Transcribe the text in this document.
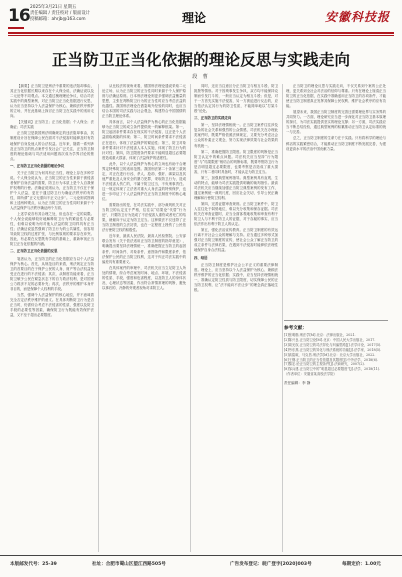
16 2025年3月21日 星期五
责任编辑 / 责任校对 / 版面设计
投稿邮箱：ahrjb@163.com	理论	安徽科技报
正当防卫正当化依据的理论反思与实践走向
段 曹

【摘要】正当防卫是刑法中重要的违法阻却事由，其正当化依据长期以来存在个人保全说、法确证说以及二元论等不同观点。本文通过梳理理论争议，结合司法实践中的典型案例，对正当防卫正当化依据进行反思，认为应当坚持以个人法益保护为核心、兼顾法秩序维护的立场，并在此基础上探讨正当防卫在实践中的适用走向。

【关键词】正当防卫；正当化依据；个人保全；法确证；司法实践

正当防卫是我国刑法明确规定的违法阻却事由，其制度设计旨在保障公民在面对不法侵害时能够及时有效地保护自身及他人的合法权益。近年来，随着一系列涉及正当防卫的热点案件引发社会广泛关注，正当防卫制度的理论基础与司法适用问题再次成为学界讨论的焦点。

一、正当防卫正当化依据的理论争议

关于正当防卫为何具有正当性，理论上存在多种学说。个人保全说认为，正当防卫的正当性来源于被侵害者保护自身法益的需要，防卫行为本质上是个人自我保护权利的行使。法确证说则认为，正当防卫不仅在于保护个人法益，更在于通过防卫行为确证法秩序的有效性，即所谓“正义无需向不正义让步”。二元论则试图调和上述两种观点，认为正当防卫的正当性同时来源于个人法益保护与法秩序确证两个方面。

上述学说各有其合理之处，但也存在一定的局限。个人保全说能够较好地解释防卫行为的紧迫性与必要性，但难以说明为何对他人法益的防卫同样具有正当性；法确证说虽然强调了防卫行为的公共属性，但容易导致防卫权的过度扩张，与比例原则的要求存在冲突。因此，有必要在反思既有学说的基础上，重新审视正当防卫正当化依据的内涵。

二、正当防卫正当化依据的反思

笔者认为，正当防卫的正当化依据应当以个人法益保护为核心。首先，从规范目的来看，刑法规定正当防卫的首要目的在于保护公民的人身、财产等合法权益免受正在进行的不法侵害；其次，从制度功能来看，正当防卫赋予公民在紧急状态下的自力救济权利，是对国家公力救济不足的必要补充；再次，法秩序的维护本身并非目的，而是保障个人权利的手段。

当然，强调个人法益保护的核心地位，并不意味着完全否定法秩序维护的意义。在具体判断防卫行为是否正当时，仍需综合考虑不法侵害的性质、强度以及防卫手段的必要性等因素，确保防卫行为既能有效保护法益，又不至于超出必要限度。

从比较法的视角来看，德国刑法理论通说采取二元论立场，认为正当防卫的正当性同时来源于个人保护原则与法确证原则。日本刑法理论则更多强调法益衡量的思想，主张在判断防卫行为的正当性时应当考虑法益的优越性。我国刑法理论在借鉴域外经验的同时，也应当结合本国的司法实践与社会观念，构建符合中国国情的正当防卫理论体系。

具体而言，以个人法益保护为核心的正当化依据能够为正当防卫的成立条件提供统一的解释框架。第一，防卫起因条件要求存在现实的不法侵害，这正是个人法益面临威胁的体现；第二，防卫时间条件要求不法侵害正在进行，体现了法益保护的紧迫性；第三，防卫对象条件要求针对不法侵害人本人实施，体现了防卫行为的针对性；第四，防卫限度条件要求不能明显超过必要限度造成重大损害，体现了法益保护的适度性。

此外，以个人法益保护为核心的立场也有助于合理界定特殊防卫的适用范围。我国刑法第二十条第三款规定，对正在进行行凶、杀人、抢劫、强奸、绑架以及其他严重危及人身安全的暴力犯罪，采取防卫行为，造成不法侵害人伤亡的，不属于防卫过当，不负刑事责任。这一规定体现了立法者对重大人身法益的特别保护，也进一步印证了个人法益保护在正当防卫制度中的核心地位。

需要指出的是，在司法实践中，部分裁判机关对正当防卫的认定过于严格，往往以“结果论”代替“行为论”，只要防卫行为造成了不法侵害人重伤或者死亡的结果，就倾向于认定为防卫过当。这种做法不仅违背了正当防卫制度的立法初衷，也在一定程度上挫伤了公民依法行使防卫权的积极性。

近年来，最高人民法院、最高人民检察院、公安部联合发布《关于依法适用正当防卫制度的指导意见》，明确提出要坚持法理情统一，准确把握正当防卫的起因条件、时间条件、对象条件、意图条件和限度条件，依法保护公民的正当防卫权利，这对于纠正司法实践中的偏差具有重要意义。

在具体案件的审理中，司法机关应当立足防卫人所处的情境，综合考虑案发时间、地点、环境，不法侵害的性质、手段、强度和危害程度，以及防卫人的身体状况、心理状态等因素，作出符合常情常理的判断，避免以事后的、冷静的旁观者视角苛求防卫人。

同时，还应当注意区分正当防卫与相互斗殴、防卫挑拨等情形。对于因琐事发生争执，双方均不能保持克制而引发打斗的，一般应当认定为相互斗殴；但是，对于一方首先实施不法侵害，另一方被迫进行反击的，应当依法认定其行为的防卫性质，不能简单地以“打架斗殴”论处。

三、正当防卫的实践走向

第一，坚持法理情相统一。正当防卫案件往往涉及复杂的社会关系和强烈的公众情感，司法机关在办理此类案件时，既要严格依照法律规定，又要充分考虑社会公众的朴素正义观念，努力实现法律效果与社会效果的有机统一。

第二，准确把握防卫限度。防卫限度的判断是正当防卫认定中的难点问题。司法机关应当坚持“行为限度”与“结果限度”相结合的判断标准，既要考察防卫行为是否明显超过必要限度，也要考察是否造成了重大损害，只有二者同时具备时，才能认定为防卫过当。

第三，加强典型案例指导。典型案例具有直观、生动的特点，能够为司法实践提供明确的裁判指引。最高司法机关应当继续加强正当防卫典型案例的发布工作，通过案例统一裁判尺度，回应社会关切，引导公民正确理解和行使防卫权利。

第四，完善证据审查规则。正当防卫案件中，防卫人往往处于弱势地位，难以充分收集和保存证据。司法机关在审查证据时，应当全面客观地收集和审查有利于防卫人与不利于防卫人的证据，对于存疑的事实，应当依法作出有利于防卫人的认定。

第五，强化法治宣传教育。正当防卫制度的有效运行离不开社会公众的理解与支持。应当通过多种形式加强对正当防卫制度的宣传，使社会公众了解正当防卫的成立条件与法律后果，在遇到不法侵害时能够依法理性地保护自身合法权益。

四、结语

正当防卫制度是维护社会公平正义的重要法律制度。理论上，应当坚持以个人法益保护为核心、兼顾法秩序维护的正当化依据；实践中，应当坚持法理情相统一，准确认定防卫性质与防卫限度，切实保障公民的正当防卫权利，让“法不能向不法让步”的理念真正落地生根。

正当防卫的理论反思与实践走向，不仅关系到个案的公正处理，更关系到全社会对法治的信仰与尊重。只有在理论上厘清正当防卫的正当化依据，在实践中准确适用正当防卫的各项条件，才能使正当防卫制度真正发挥其保障公民权利、维护社会秩序的应有功能。

展望未来，我国正当防卫制度的完善还需要理论界与实务界的共同努力。一方面，理论研究应当进一步深化对正当防卫基本原理的探讨，为司法实践提供坚实的理论支撑；另一方面，司法实践应当不断总结经验，通过典型案例的积累推动正当防卫认定标准的统一与完善。

总之，正当防卫制度的生命力在于实践。只有将科学的理论与鲜活的实践紧密结合，才能推动正当防卫制度不断发展完善，为建设更高水平的法治中国贡献力量。

参考文献：
[1]张明楷.刑法学[M].北京：法律出版社，2021.
[2]陈兴良.正当防卫论[M].北京：中国人民大学出版社，2017.
[3]周光权.正当防卫的司法异化与纠偏思路[J].法学评论，2017(5).
[4]劳东燕.正当防卫的异化与刑法系统的功能[J].法学家，2018(5).
[5]高铭暄，马克昌.刑法学[M].北京：北京大学出版社，2022.
[6]王钢.正当防卫的正当性依据及其限度[J].中外法学，2018(6).
[7]黎宏.论正当防卫的主观条件[J].法商研究，2007(2).
[8]邹兵建.正当防卫中的“明显超过必要限度”[J].法学，2018(11).
（作者单位：安徽省某高校法学院）
责任编辑：李 静
本版邮发代号：25-39	社址：合肥市蜀山区望江西路505号	广告发布登记：皖广登字[2020]003号	每期定价：1.00元
